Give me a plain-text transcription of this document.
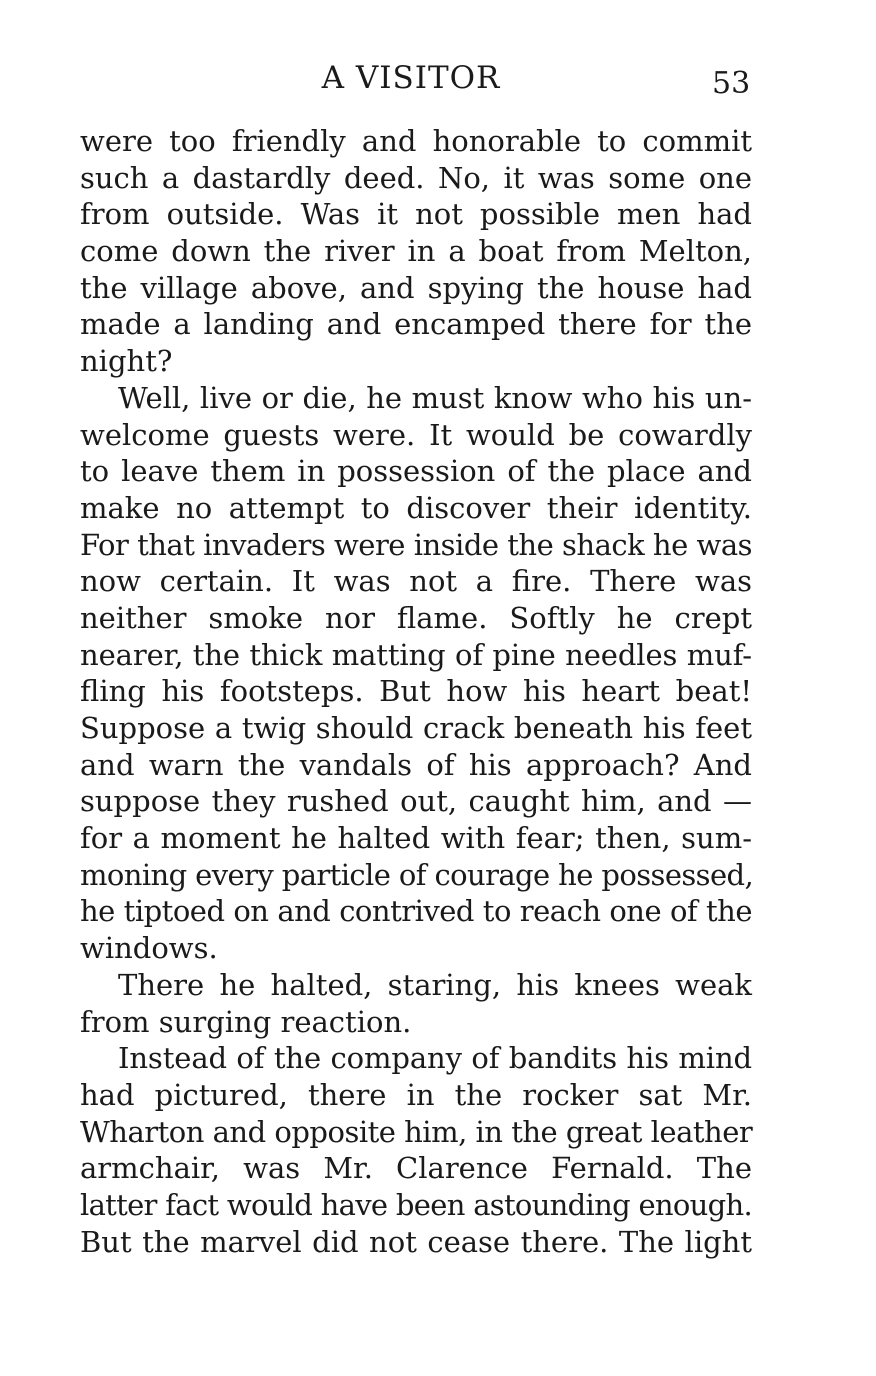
A VISITOR	53
were too friendly and honorable to commit
such a dastardly deed. No, it was some one
from outside. Was it not possible men had
come down the river in a boat from Melton,
the village above, and spying the house had
made a landing and encamped there for the
night?
Well, live or die, he must know who his un-
welcome guests were. It would be cowardly
to leave them in possession of the place and
make no attempt to discover their identity.
For that invaders were inside the shack he was
now certain. It was not a fire. There was
neither smoke nor flame. Softly he crept
nearer, the thick matting of pine needles muf-
fling his footsteps. But how his heart beat!
Suppose a twig should crack beneath his feet
and warn the vandals of his approach? And
suppose they rushed out, caught him, and —
for a moment he halted with fear; then, sum-
moning every particle of courage he possessed,
he tiptoed on and contrived to reach one of the
windows.
There he halted, staring, his knees weak
from surging reaction.
Instead of the company of bandits his mind
had pictured, there in the rocker sat Mr.
Wharton and opposite him, in the great leather
armchair, was Mr. Clarence Fernald. The
latter fact would have been astounding enough.
But the marvel did not cease there. The light
